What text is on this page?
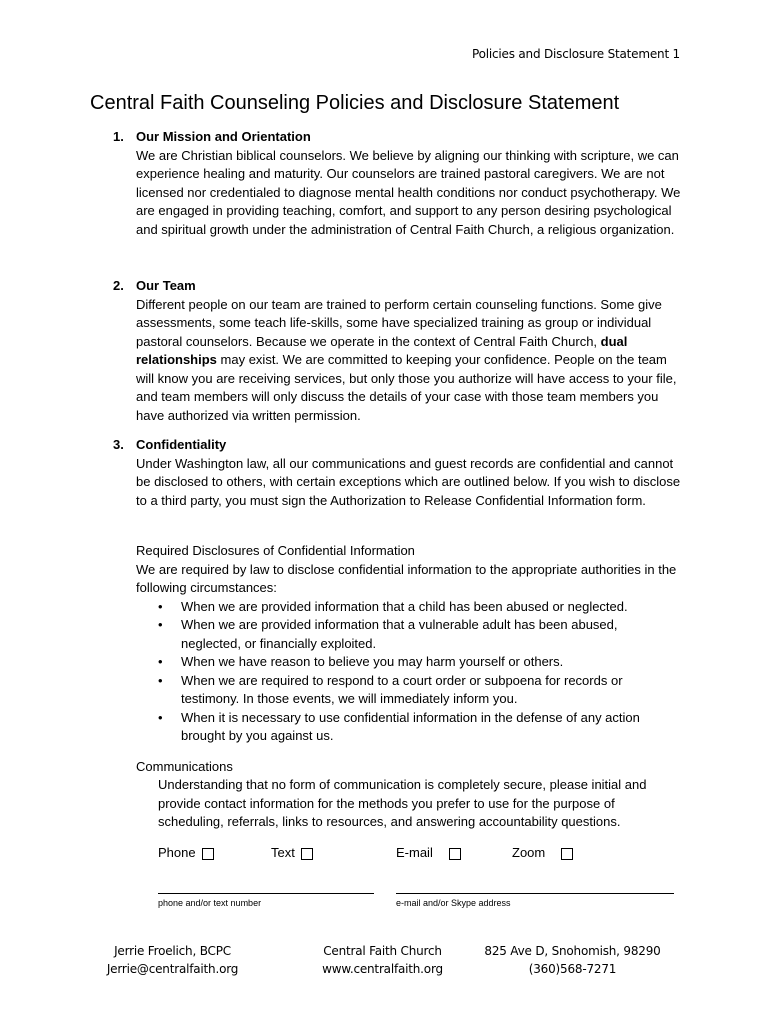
Policies and Disclosure Statement 1
Central Faith Counseling Policies and Disclosure Statement
1. Our Mission and Orientation
We are Christian biblical counselors. We believe by aligning our thinking with scripture, we can experience healing and maturity. Our counselors are trained pastoral caregivers. We are not licensed nor credentialed to diagnose mental health conditions nor conduct psychotherapy. We are engaged in providing teaching, comfort, and support to any person desiring psychological and spiritual growth under the administration of Central Faith Church, a religious organization.
2. Our Team
Different people on our team are trained to perform certain counseling functions. Some give assessments, some teach life-skills, some have specialized training as group or individual pastoral counselors. Because we operate in the context of Central Faith Church, dual relationships may exist. We are committed to keeping your confidence. People on the team will know you are receiving services, but only those you authorize will have access to your file, and team members will only discuss the details of your case with those team members you have authorized via written permission.
3. Confidentiality
Under Washington law, all our communications and guest records are confidential and cannot be disclosed to others, with certain exceptions which are outlined below. If you wish to disclose to a third party, you must sign the Authorization to Release Confidential Information form.
Required Disclosures of Confidential Information
We are required by law to disclose confidential information to the appropriate authorities in the following circumstances:
• When we are provided information that a child has been abused or neglected.
• When we are provided information that a vulnerable adult has been abused, neglected, or financially exploited.
• When we have reason to believe you may harm yourself or others.
• When we are required to respond to a court order or subpoena for records or testimony. In those events, we will immediately inform you.
• When it is necessary to use confidential information in the defense of any action brought by you against us.
Communications
Understanding that no form of communication is completely secure, please initial and provide contact information for the methods you prefer to use for the purpose of scheduling, referrals, links to resources, and answering accountability questions.
Phone	Text	E-mail	Zoom
phone and/or text number	e-mail and/or Skype address
Jerrie Froelich, BCPC
Jerrie@centralfaith.org
Central Faith Church
www.centralfaith.org
825 Ave D, Snohomish, 98290
(360)568-7271
